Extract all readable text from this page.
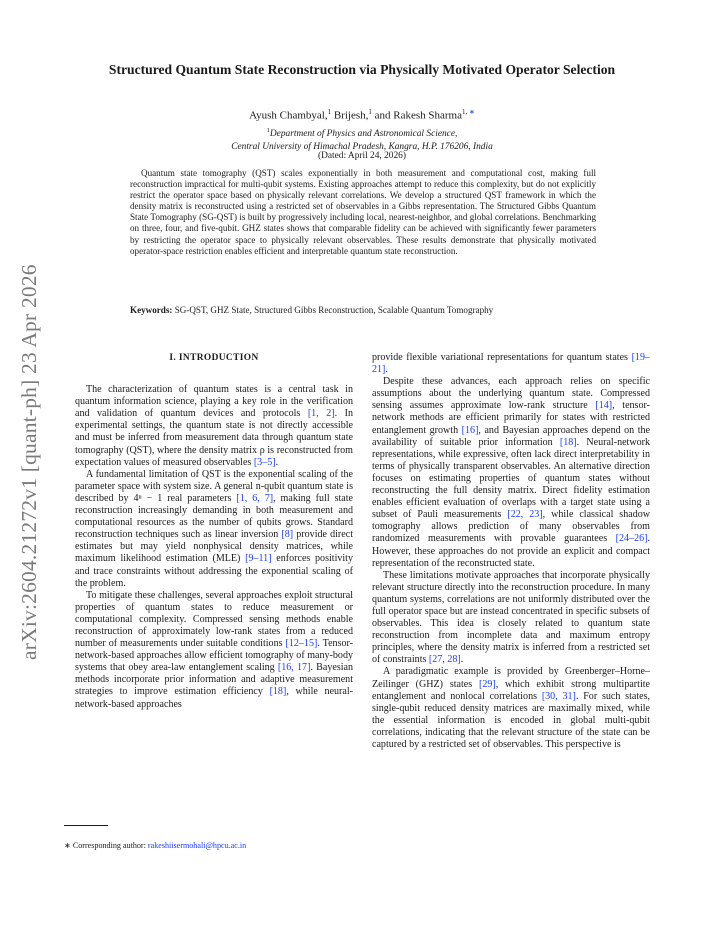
arXiv:2604.21272v1 [quant-ph] 23 Apr 2026
Structured Quantum State Reconstruction via Physically Motivated Operator Selection
Ayush Chambyal,$^1$ Brijesh,$^1$ and Rakesh Sharma$^{1,}$ ∗
$^1$Department of Physics and Astronomical Science,
Central University of Himachal Pradesh, Kangra, H.P. 176206, India
(Dated: April 24, 2026)
Quantum state tomography (QST) scales exponentially in both measurement and computational cost, making full reconstruction impractical for multi-qubit systems. Existing approaches attempt to reduce this complexity, but do not explicitly restrict the operator space based on physically relevant correlations. We develop a structured QST framework in which the density matrix is reconstructed using a restricted set of observables in a Gibbs representation. The Structured Gibbs Quantum State Tomography (SG-QST) is built by progressively including local, nearest-neighbor, and global correlations. Benchmarking on three, four, and five-qubit. GHZ states shows that comparable fidelity can be achieved with significantly fewer parameters by restricting the operator space to physically relevant observables. These results demonstrate that physically motivated operator-space restriction enables efficient and interpretable quantum state reconstruction.
Keywords: SG-QST, GHZ State, Structured Gibbs Reconstruction, Scalable Quantum Tomography

I. INTRODUCTION

The characterization of quantum states is a central task in quantum information science, playing a key role in the verification and validation of quantum devices and protocols [1, 2]. In experimental settings, the quantum state is not directly accessible and must be inferred from measurement data through quantum state tomography (QST), where the density matrix ρ is reconstructed from expectation values of measured observables [3–5].

A fundamental limitation of QST is the exponential scaling of the parameter space with system size. A general n-qubit quantum state is described by 4ⁿ − 1 real parameters [1, 6, 7], making full state reconstruction increasingly demanding in both measurement and computational resources as the number of qubits grows. Standard reconstruction techniques such as linear inversion [8] provide direct estimates but may yield nonphysical density matrices, while maximum likelihood estimation (MLE) [9–11] enforces positivity and trace constraints without addressing the exponential scaling of the problem.

To mitigate these challenges, several approaches exploit structural properties of quantum states to reduce measurement or computational complexity. Compressed sensing methods enable reconstruction of approximately low-rank states from a reduced number of measurements under suitable conditions [12–15]. Tensor-network-based approaches allow efficient tomography of many-body systems that obey area-law entanglement scaling [16, 17]. Bayesian methods incorporate prior information and adaptive measurement strategies to improve estimation efficiency [18], while neural-network-based approaches

provide flexible variational representations for quantum states [19–21].

Despite these advances, each approach relies on specific assumptions about the underlying quantum state. Compressed sensing assumes approximate low-rank structure [14], tensor-network methods are efficient primarily for states with restricted entanglement growth [16], and Bayesian approaches depend on the availability of suitable prior information [18]. Neural-network representations, while expressive, often lack direct interpretability in terms of physically transparent observables. An alternative direction focuses on estimating properties of quantum states without reconstructing the full density matrix. Direct fidelity estimation enables efficient evaluation of overlaps with a target state using a subset of Pauli measurements [22, 23], while classical shadow tomography allows prediction of many observables from randomized measurements with provable guarantees [24–26]. However, these approaches do not provide an explicit and compact representation of the reconstructed state.

These limitations motivate approaches that incorporate physically relevant structure directly into the reconstruction procedure. In many quantum systems, correlations are not uniformly distributed over the full operator space but are instead concentrated in specific subsets of observables. This idea is closely related to quantum state reconstruction from incomplete data and maximum entropy principles, where the density matrix is inferred from a restricted set of constraints [27, 28].

A paradigmatic example is provided by Greenberger–Horne–Zeilinger (GHZ) states [29], which exhibit strong multipartite entanglement and nonlocal correlations [30, 31]. For such states, single-qubit reduced density matrices are maximally mixed, while the essential information is encoded in global multi-qubit correlations, indicating that the relevant structure of the state can be captured by a restricted set of observables. This perspective is

∗ Corresponding author: rakeshiisermohali@hpcu.ac.in
